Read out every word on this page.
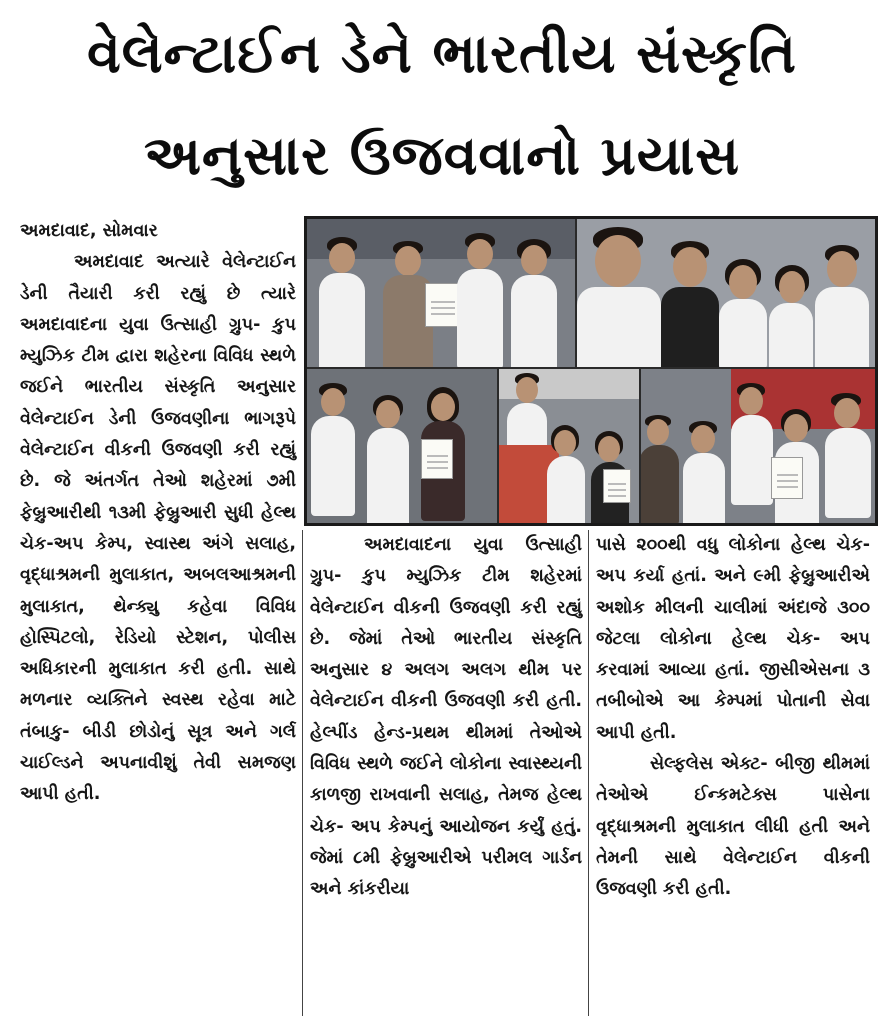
વેલેન્ટાઈન ડેને ભારતીય સંસ્કૃતિ
અનુસાર ઉજવવાનો પ્રયાસ
અમદાવાદ, સોમવાર

અમદાવાદ અત્યારે વેલેન્ટાઈન ડેની તૈયારી કરી રહ્યું છે ત્યારે અમદાવાદના યુવા ઉત્સાહી ગ્રુપ- કુપ મ્યુઝિક ટીમ દ્વારા શહેરના વિવિધ સ્થળે જઈને ભારતીય સંસ્કૃતિ અનુસાર વેલેન્ટાઈન ડેની ઉજવણીના ભાગરૂપે વેલેન્ટાઈન વીકની ઉજવણી કરી રહ્યું છે. જે અંતર્ગત તેઓ શહેરમાં ૭મી ફેબ્રુઆરીથી ૧૩મી ફેબ્રુઆરી સુધી હેલ્થ ચેક-અપ કેમ્પ, સ્વાસ્થ અંગે સલાહ, વૃદ્ધાશ્રમની મુલાકાત, અબલઆશ્રમની મુલાકાત, થેન્ક્યુ કહેવા વિવિધ હોસ્પિટલો, રેડિયો સ્ટેશન, પોલીસ અધિકારની મુલાકાત કરી હતી. સાથે મળનાર વ્યક્તિને સ્વસ્થ રહેવા માટે તંબાકુ- બીડી છોડોનું સૂત્ર અને ગર્લ ચાઈલ્ડને અપનાવીશું તેવી સમજણ આપી હતી.

અમદાવાદના યુવા ઉત્સાહી ગ્રુપ- કુપ મ્યુઝિક ટીમ શહેરમાં વેલેન્ટાઈન વીકની ઉજવણી કરી રહ્યું છે. જેમાં તેઓ ભારતીય સંસ્કૃતિ અનુસાર ૪ અલગ અલગ થીમ પર વેલેન્ટાઈન વીકની ઉજવણી કરી હતી. હેલ્પીંડ હેન્ડ-પ્રથમ થીમમાં તેઓએ વિવિધ સ્થળે જઈને લોકોના સ્વાસ્થ્યની કાળજી રાખવાની સલાહ, તેમજ હેલ્થ ચેક- અપ કેમ્પનું આયોજન કર્યું હતું. જેમાં ૮મી ફેબ્રુઆરીએ પરીમલ ગાર્ડન અને કાંકરીયા

પાસે ૨૦૦થી વધુ લોકોના હેલ્થ ચેક- અપ કર્યા હતાં. અને ૯મી ફેબ્રુઆરીએ અશોક મીલની ચાલીમાં અંદાજે ૩૦૦ જેટલા લોકોના હેલ્થ ચેક- અપ કરવામાં આવ્યા હતાં. જીસીએસના ૩ તબીબોએ આ કેમ્પમાં પોતાની સેવા આપી હતી.

સેલ્ફલેસ એક્ટ- બીજી થીમમાં તેઓએ ઈન્કમટેક્સ પાસેના વૃદ્ધાશ્રમની મુલાકાત લીધી હતી અને તેમની સાથે વેલેન્ટાઈન વીકની ઉજવણી કરી હતી.
